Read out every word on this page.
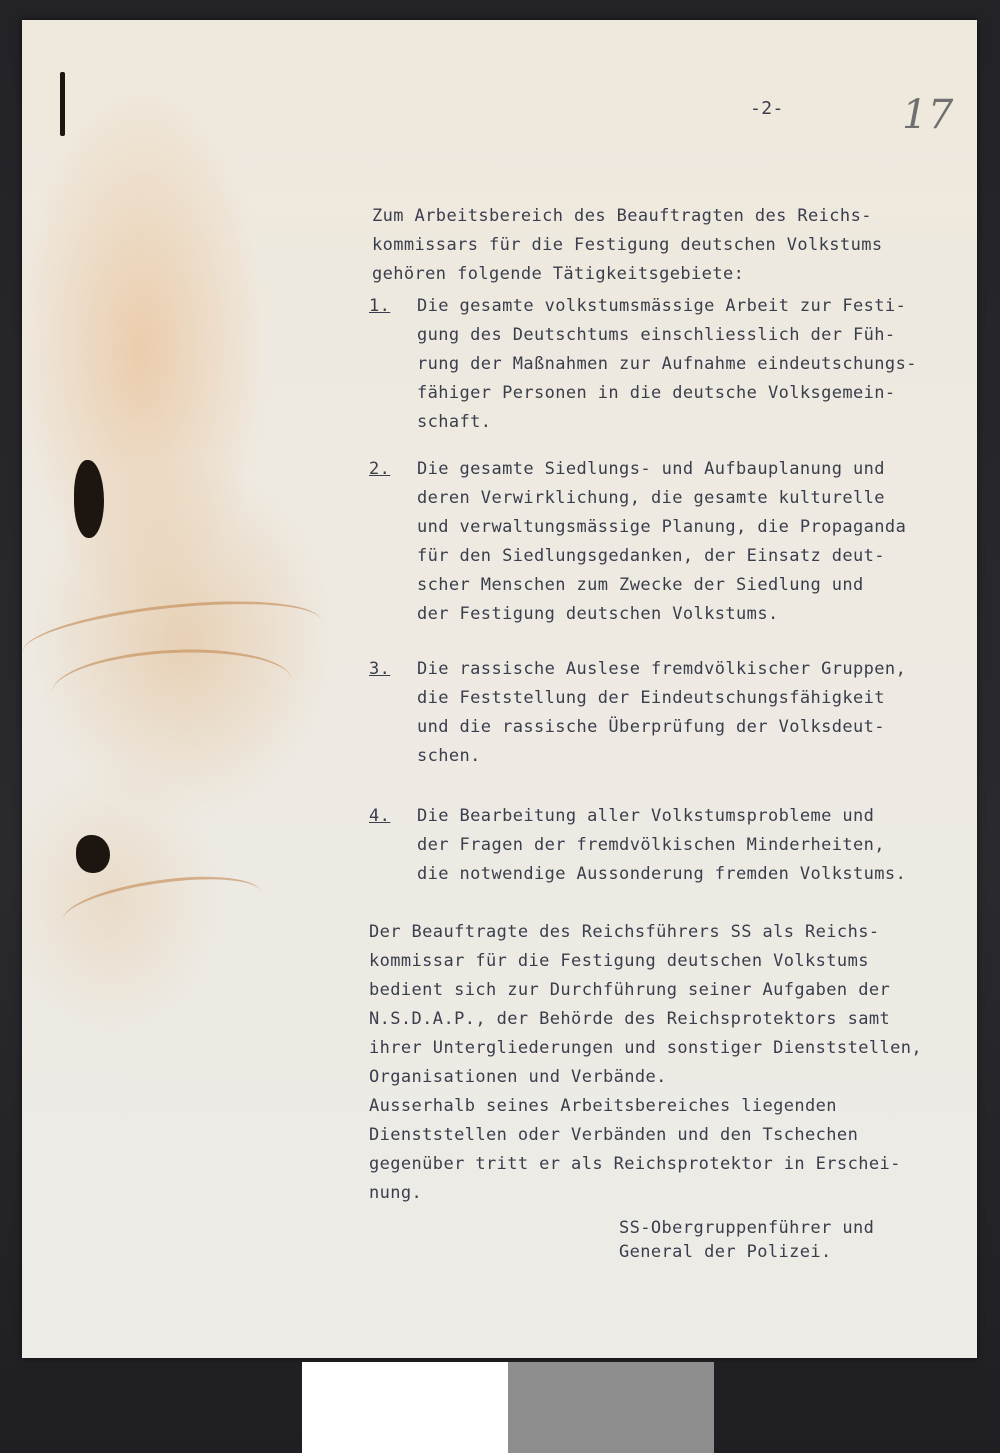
-2-	17

Zum Arbeitsbereich des Beauftragten des Reichs-
kommissars für die Festigung deutschen Volkstums
gehören folgende Tätigkeitsgebiete:

1.	Die gesamte volkstumsmässige Arbeit zur Festi-
gung des Deutschtums einschliesslich der Füh-
rung der Maßnahmen zur Aufnahme eindeutschungs-
fähiger Personen in die deutsche Volksgemein-
schaft.

2.	Die gesamte Siedlungs- und Aufbauplanung und
deren Verwirklichung, die gesamte kulturelle
und verwaltungsmässige Planung, die Propaganda
für den Siedlungsgedanken, der Einsatz deut-
scher Menschen zum Zwecke der Siedlung und
der Festigung deutschen Volkstums.

3.	Die rassische Auslese fremdvölkischer Gruppen,
die Feststellung der Eindeutschungsfähigkeit
und die rassische Überprüfung der Volksdeut-
schen.

4.	Die Bearbeitung aller Volkstumsprobleme und
der Fragen der fremdvölkischen Minderheiten,
die notwendige Aussonderung fremden Volkstums.

Der Beauftragte des Reichsführers SS als Reichs-
kommissar für die Festigung deutschen Volkstums
bedient sich zur Durchführung seiner Aufgaben der
N.S.D.A.P., der Behörde des Reichsprotektors samt
ihrer Untergliederungen und sonstiger Dienststellen,
Organisationen und Verbände.
Ausserhalb seines Arbeitsbereiches liegenden
Dienststellen oder Verbänden und den Tschechen
gegenüber tritt er als Reichsprotektor in Erschei-
nung.

SS-Obergruppenführer und
General der Polizei.
